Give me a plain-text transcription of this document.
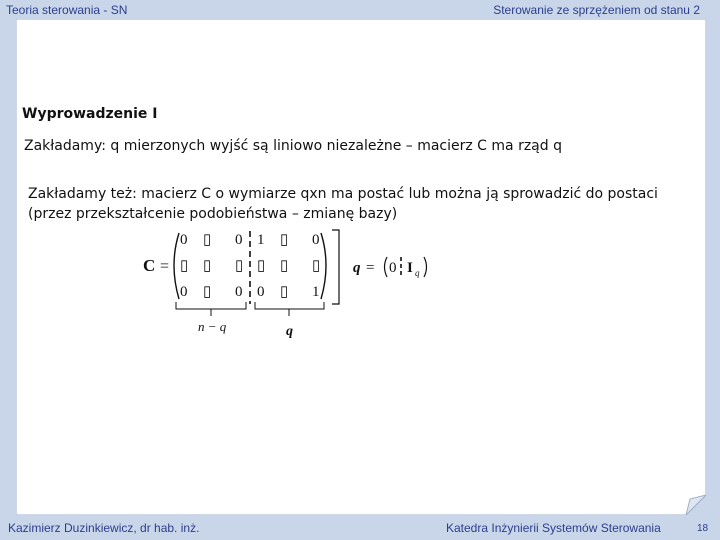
Teoria sterowania - SN	Sterowanie ze sprzężeniem od stanu 2
Wyprowadzenie I
Zakładamy: q mierzonych wyjść są liniowo niezależne – macierz C ma rząd q
Zakładamy też: macierz C o wymiarze qxn ma postać lub można ją sprowadzić do postaci
(przez przekształcenie podobieństwa – zmianę bazy)
C =
0 ▯ 0 1 ▯ 0
▯ ▯ ▯ ▯ ▯ ▯
0 ▯ 0 0 ▯ 1
n − q	q
q = 0 I q
Kazimierz Duzinkiewicz, dr hab. inż.	Katedra Inżynierii Systemów Sterowania	18
